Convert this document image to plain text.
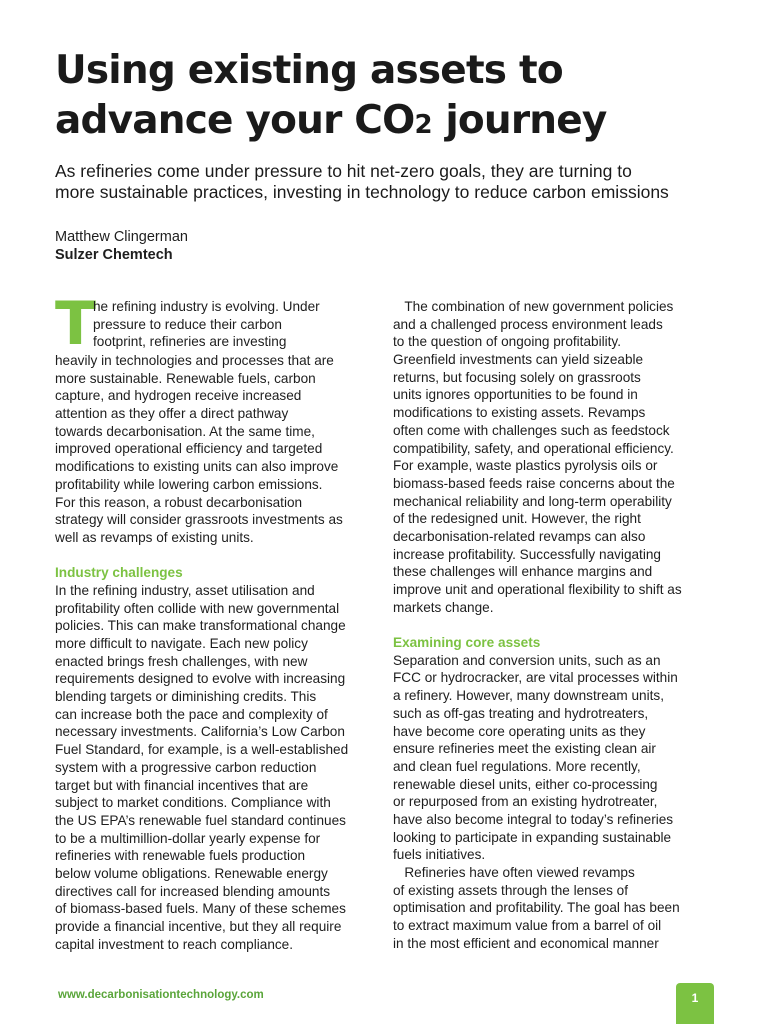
Using existing assets to
advance your CO2 journey

As refineries come under pressure to hit net-zero goals, they are turning to
more sustainable practices, investing in technology to reduce carbon emissions

Matthew Clingerman
Sulzer Chemtech
T
he refining industry is evolving. Under
pressure to reduce their carbon
footprint, refineries are investing
heavily in technologies and processes that are
more sustainable. Renewable fuels, carbon
capture, and hydrogen receive increased
attention as they offer a direct pathway
towards decarbonisation. At the same time,
improved operational efficiency and targeted
modifications to existing units can also improve
profitability while lowering carbon emissions.
For this reason, a robust decarbonisation
strategy will consider grassroots investments as
well as revamps of existing units.
Industry challenges
In the refining industry, asset utilisation and
profitability often collide with new governmental
policies. This can make transformational change
more difficult to navigate. Each new policy
enacted brings fresh challenges, with new
requirements designed to evolve with increasing
blending targets or diminishing credits. This
can increase both the pace and complexity of
necessary investments. California’s Low Carbon
Fuel Standard, for example, is a well-established
system with a progressive carbon reduction
target but with financial incentives that are
subject to market conditions. Compliance with
the US EPA’s renewable fuel standard continues
to be a multimillion-dollar yearly expense for
refineries with renewable fuels production
below volume obligations. Renewable energy
directives call for increased blending amounts
of biomass-based fuels. Many of these schemes
provide a financial incentive, but they all require
capital investment to reach compliance.
The combination of new government policies
and a challenged process environment leads
to the question of ongoing profitability.
Greenfield investments can yield sizeable
returns, but focusing solely on grassroots
units ignores opportunities to be found in
modifications to existing assets. Revamps
often come with challenges such as feedstock
compatibility, safety, and operational efficiency.
For example, waste plastics pyrolysis oils or
biomass-based feeds raise concerns about the
mechanical reliability and long-term operability
of the redesigned unit. However, the right
decarbonisation-related revamps can also
increase profitability. Successfully navigating
these challenges will enhance margins and
improve unit and operational flexibility to shift as
markets change.
Examining core assets
Separation and conversion units, such as an
FCC or hydrocracker, are vital processes within
a refinery. However, many downstream units,
such as off-gas treating and hydrotreaters,
have become core operating units as they
ensure refineries meet the existing clean air
and clean fuel regulations. More recently,
renewable diesel units, either co-processing
or repurposed from an existing hydrotreater,
have also become integral to today’s refineries
looking to participate in expanding sustainable
fuels initiatives.
Refineries have often viewed revamps
of existing assets through the lenses of
optimisation and profitability. The goal has been
to extract maximum value from a barrel of oil
in the most efficient and economical manner
www.decarbonisationtechnology.com	1
